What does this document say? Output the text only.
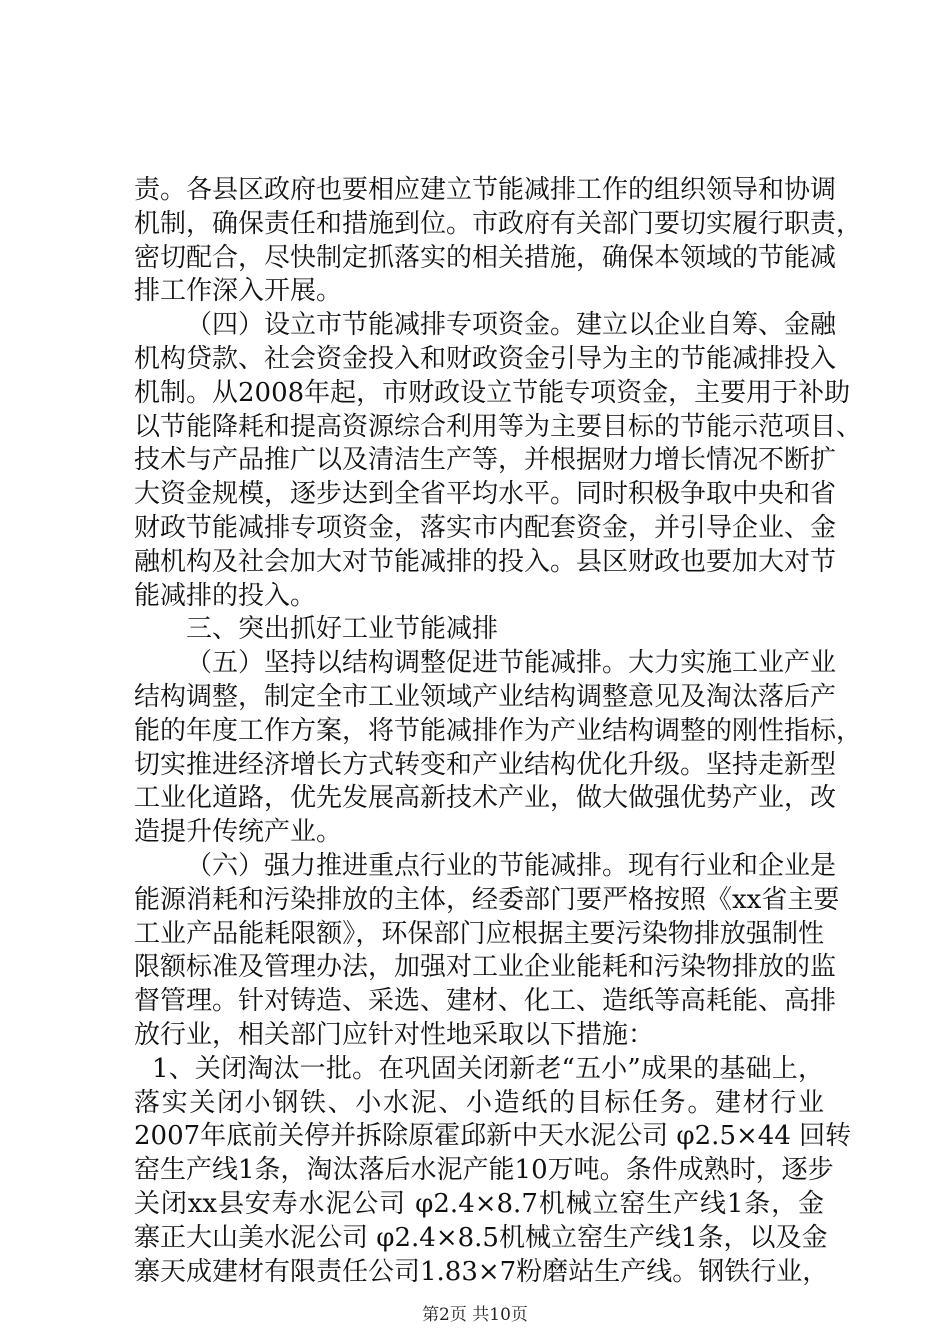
责。各县区政府也要相应建立节能减排工作的组织领导和协调
机制，确保责任和措施到位。市政府有关部门要切实履行职责，
密切配合，尽快制定抓落实的相关措施，确保本领域的节能减
排工作深入开展。
（四）设立市节能减排专项资金。建立以企业自筹、金融
机构贷款、社会资金投入和财政资金引导为主的节能减排投入
机制。从2008年起，市财政设立节能专项资金，主要用于补助
以节能降耗和提高资源综合利用等为主要目标的节能示范项目、
技术与产品推广以及清洁生产等，并根据财力增长情况不断扩
大资金规模，逐步达到全省平均水平。同时积极争取中央和省
财政节能减排专项资金，落实市内配套资金，并引导企业、金
融机构及社会加大对节能减排的投入。县区财政也要加大对节
能减排的投入。
三、突出抓好工业节能减排
（五）坚持以结构调整促进节能减排。大力实施工业产业
结构调整，制定全市工业领域产业结构调整意见及淘汰落后产
能的年度工作方案，将节能减排作为产业结构调整的刚性指标，
切实推进经济增长方式转变和产业结构优化升级。坚持走新型
工业化道路，优先发展高新技术产业，做大做强优势产业，改
造提升传统产业。
（六）强力推进重点行业的节能减排。现有行业和企业是
能源消耗和污染排放的主体，经委部门要严格按照《xx省主要
工业产品能耗限额》，环保部门应根据主要污染物排放强制性
限额标准及管理办法，加强对工业企业能耗和污染物排放的监
督管理。针对铸造、采选、建材、化工、造纸等高耗能、高排
放行业，相关部门应针对性地采取以下措施：
1、关闭淘汰一批。在巩固关闭新老“五小”成果的基础上，
落实关闭小钢铁、小水泥、小造纸的目标任务。建材行业
2007年底前关停并拆除原霍邱新中天水泥公司 φ2.5×44 回转
窑生产线1条，淘汰落后水泥产能10万吨。条件成熟时，逐步
关闭xx县安寿水泥公司 φ2.4×8.7机械立窑生产线1条，金
寨正大山美水泥公司 φ2.4×8.5机械立窑生产线1条，以及金
寨天成建材有限责任公司1.83×7粉磨站生产线。钢铁行业，
第2页 共10页
